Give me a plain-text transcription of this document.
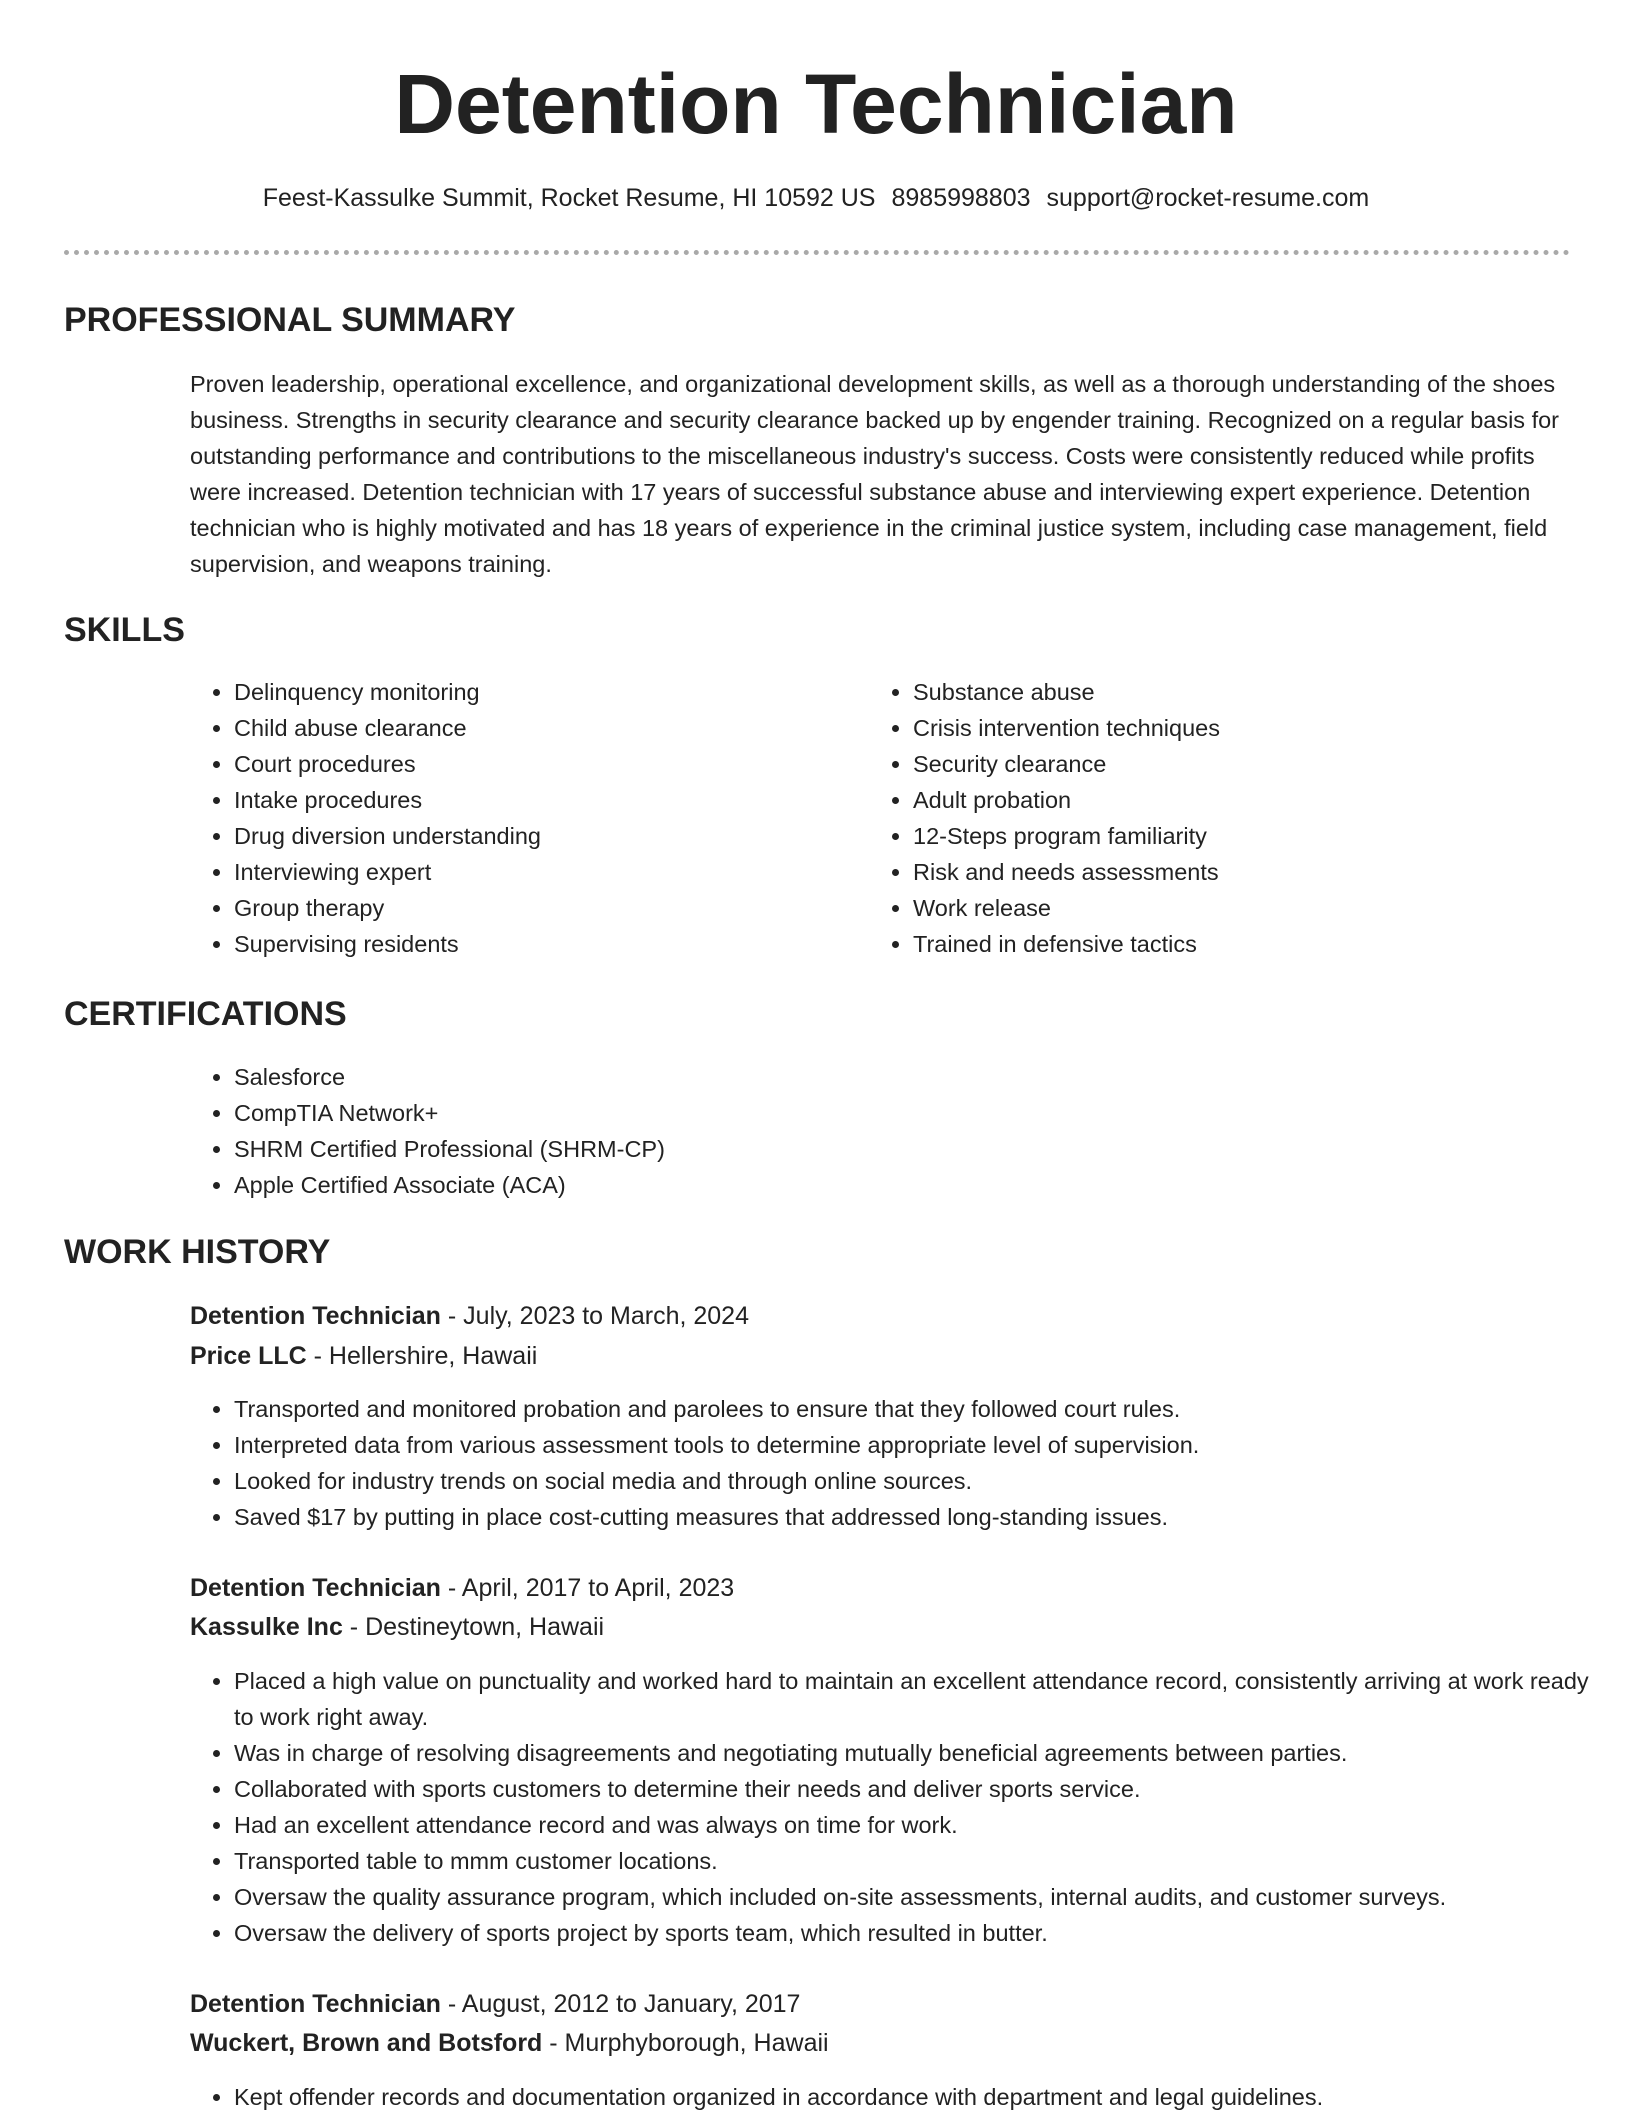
Detention Technician
Feest-Kassulke Summit, Rocket Resume, HI 10592 US 8985998803 support@rocket-resume.com
PROFESSIONAL SUMMARY

Proven leadership, operational excellence, and organizational development skills, as well as a thorough understanding of the shoes business. Strengths in security clearance and security clearance backed up by engender training. Recognized on a regular basis for outstanding performance and contributions to the miscellaneous industry's success. Costs were consistently reduced while profits were increased. Detention technician with 17 years of successful substance abuse and interviewing expert experience. Detention technician who is highly motivated and has 18 years of experience in the criminal justice system, including case management, field supervision, and weapons training.

SKILLS
• Delinquency monitoring
• Child abuse clearance
• Court procedures
• Intake procedures
• Drug diversion understanding
• Interviewing expert
• Group therapy
• Supervising residents
• Substance abuse
• Crisis intervention techniques
• Security clearance
• Adult probation
• 12-Steps program familiarity
• Risk and needs assessments
• Work release
• Trained in defensive tactics
CERTIFICATIONS
• Salesforce
• CompTIA Network+
• SHRM Certified Professional (SHRM-CP)
• Apple Certified Associate (ACA)
WORK HISTORY
Detention Technician - July, 2023 to March, 2024
Price LLC - Hellershire, Hawaii
• Transported and monitored probation and parolees to ensure that they followed court rules.
• Interpreted data from various assessment tools to determine appropriate level of supervision.
• Looked for industry trends on social media and through online sources.
• Saved $17 by putting in place cost-cutting measures that addressed long-standing issues.
Detention Technician - April, 2017 to April, 2023
Kassulke Inc - Destineytown, Hawaii
• Placed a high value on punctuality and worked hard to maintain an excellent attendance record, consistently arriving at work ready to work right away.
• Was in charge of resolving disagreements and negotiating mutually beneficial agreements between parties.
• Collaborated with sports customers to determine their needs and deliver sports service.
• Had an excellent attendance record and was always on time for work.
• Transported table to mmm customer locations.
• Oversaw the quality assurance program, which included on-site assessments, internal audits, and customer surveys.
• Oversaw the delivery of sports project by sports team, which resulted in butter.
Detention Technician - August, 2012 to January, 2017
Wuckert, Brown and Botsford - Murphyborough, Hawaii
• Kept offender records and documentation organized in accordance with department and legal guidelines.
